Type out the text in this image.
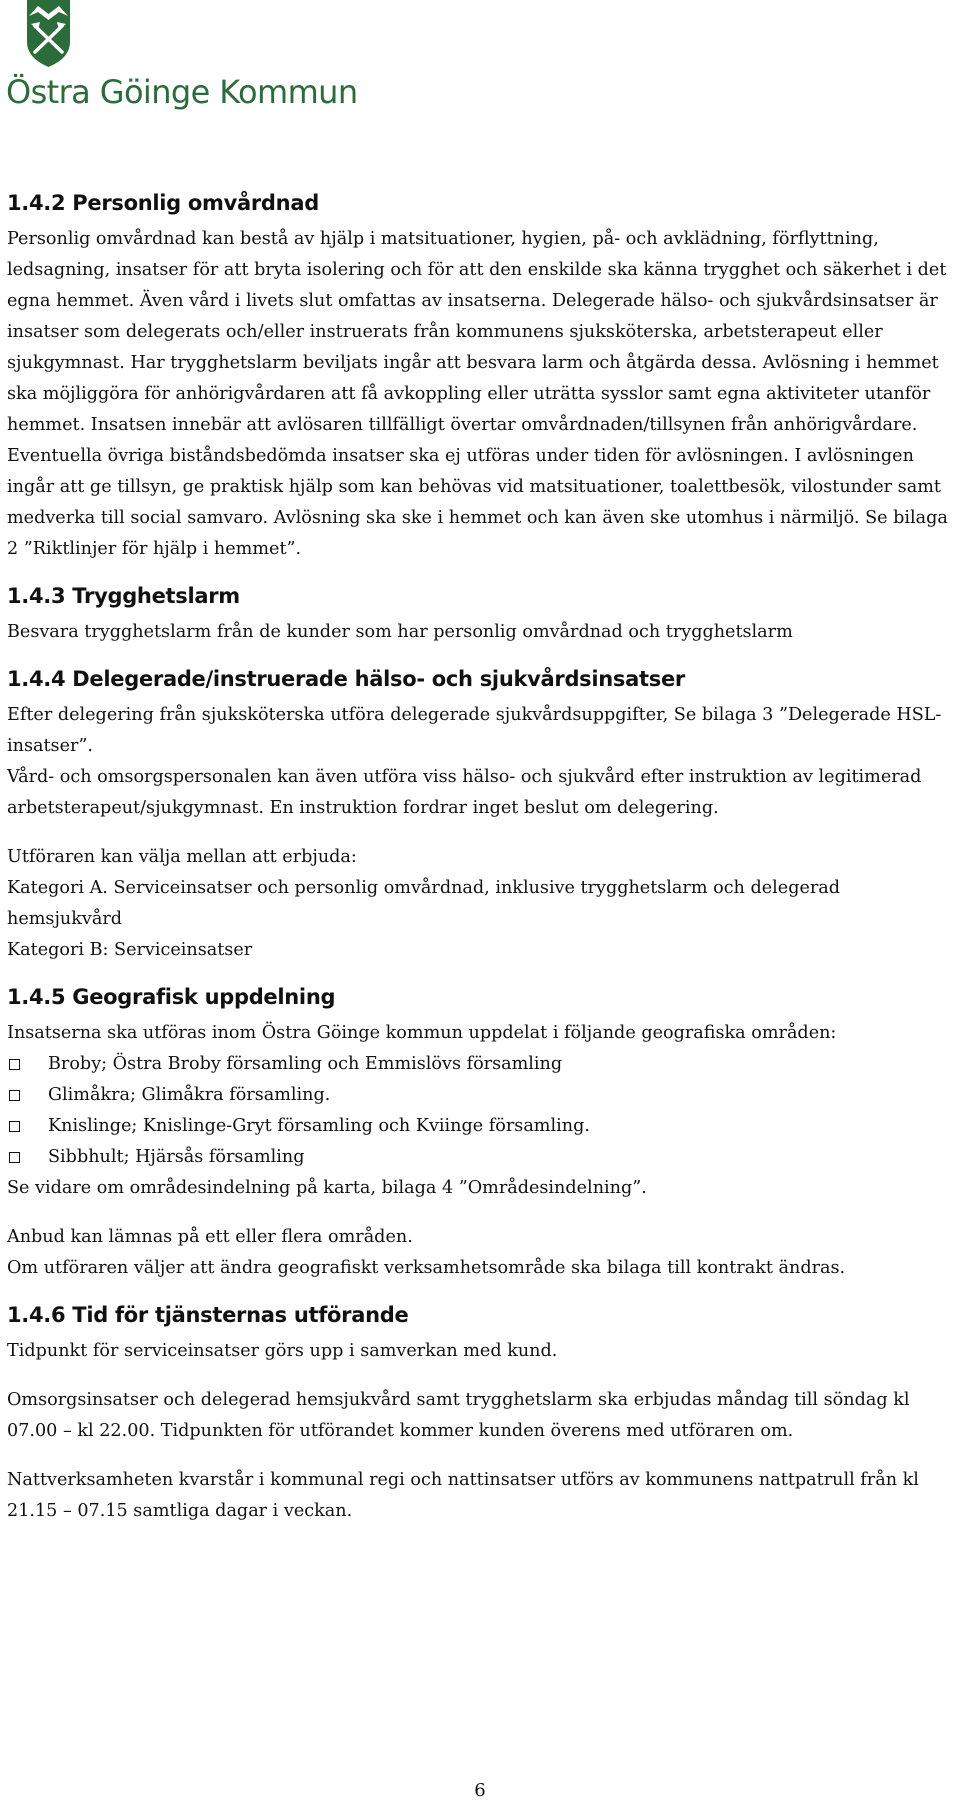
Östra Göinge Kommun
1.4.2 Personlig omvårdnad

Personlig omvårdnad kan bestå av hjälp i matsituationer, hygien, på- och avklädning, förflyttning, ledsagning, insatser för att bryta isolering och för att den enskilde ska känna trygghet och säkerhet i det egna hemmet. Även vård i livets slut omfattas av insatserna. Delegerade hälso- och sjukvårdsinsatser är insatser som delegerats och/eller instruerats från kommunens sjuksköterska, arbetsterapeut eller sjukgymnast. Har trygghetslarm beviljats ingår att besvara larm och åtgärda dessa. Avlösning i hemmet ska möjliggöra för anhörigvårdaren att få avkoppling eller uträtta sysslor samt egna aktiviteter utanför hemmet. Insatsen innebär att avlösaren tillfälligt övertar omvårdnaden/tillsynen från anhörigvårdare. Eventuella övriga biståndsbedömda insatser ska ej utföras under tiden för avlösningen. I avlösningen ingår att ge tillsyn, ge praktisk hjälp som kan behövas vid matsituationer, toalettbesök, vilostunder samt medverka till social samvaro. Avlösning ska ske i hemmet och kan även ske utomhus i närmiljö. Se bilaga 2 ”Riktlinjer för hjälp i hemmet”.

1.4.3 Trygghetslarm

Besvara trygghetslarm från de kunder som har personlig omvårdnad och trygghetslarm

1.4.4 Delegerade/instruerade hälso- och sjukvårdsinsatser

Efter delegering från sjuksköterska utföra delegerade sjukvårdsuppgifter, Se bilaga 3 ”Delegerade HSL-insatser”.

Vård- och omsorgspersonalen kan även utföra viss hälso- och sjukvård efter instruktion av legitimerad arbetsterapeut/sjukgymnast. En instruktion fordrar inget beslut om delegering.

Utföraren kan välja mellan att erbjuda:

Kategori A. Serviceinsatser och personlig omvårdnad, inklusive trygghetslarm och delegerad hemsjukvård

Kategori B: Serviceinsatser

1.4.5 Geografisk uppdelning

Insatserna ska utföras inom Östra Göinge kommun uppdelat i följande geografiska områden:

Broby; Östra Broby församling och Emmislövs församling
Glimåkra; Glimåkra församling.
Knislinge; Knislinge-Gryt församling och Kviinge församling.
Sibbhult; Hjärsås församling

Se vidare om områdesindelning på karta, bilaga 4 ”Områdesindelning”.

Anbud kan lämnas på ett eller flera områden.

Om utföraren väljer att ändra geografiskt verksamhetsområde ska bilaga till kontrakt ändras.

1.4.6 Tid för tjänsternas utförande

Tidpunkt för serviceinsatser görs upp i samverkan med kund.

Omsorgsinsatser och delegerad hemsjukvård samt trygghetslarm ska erbjudas måndag till söndag kl 07.00 – kl 22.00. Tidpunkten för utförandet kommer kunden överens med utföraren om.

Nattverksamheten kvarstår i kommunal regi och nattinsatser utförs av kommunens nattpatrull från kl 21.15 – 07.15 samtliga dagar i veckan.

6
